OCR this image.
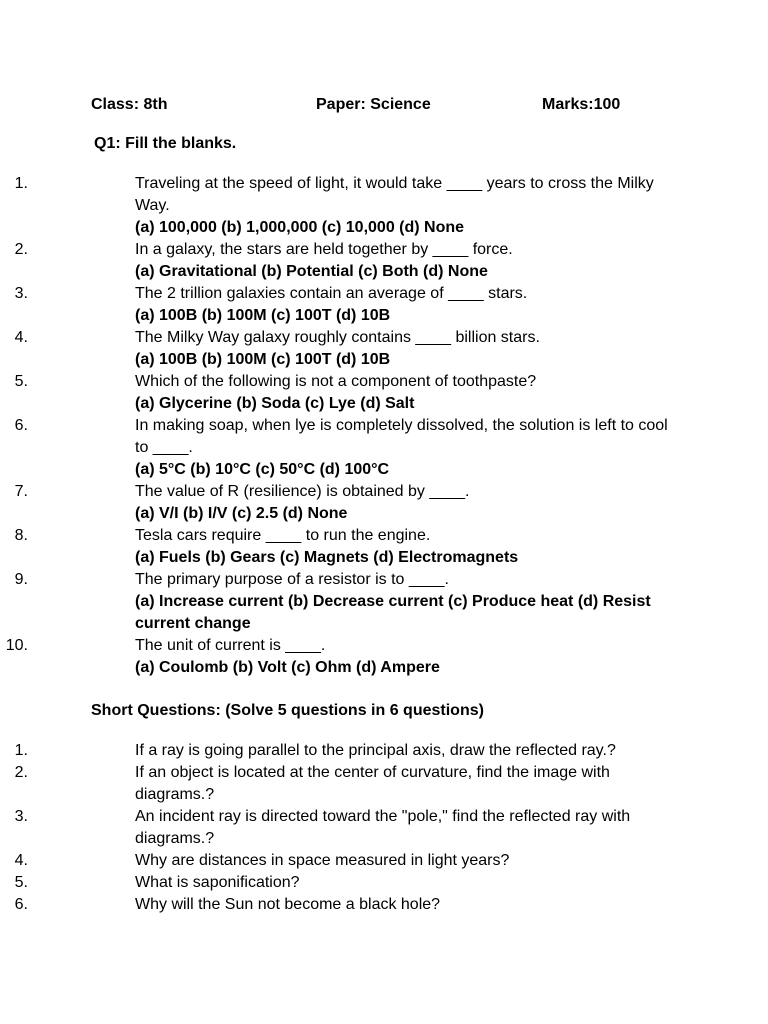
Class: 8th	Paper: Science	Marks:100
Q1: Fill the blanks.
1.	Traveling at the speed of light, it would take ____ years to cross the Milky Way.
(a) 100,000 (b) 1,000,000 (c) 10,000 (d) None
2.	In a galaxy, the stars are held together by ____ force.
(a) Gravitational (b) Potential (c) Both (d) None
3.	The 2 trillion galaxies contain an average of ____ stars.
(a) 100B (b) 100M (c) 100T (d) 10B
4.	The Milky Way galaxy roughly contains ____ billion stars.
(a) 100B (b) 100M (c) 100T (d) 10B
5.	Which of the following is not a component of toothpaste?
(a) Glycerine (b) Soda (c) Lye (d) Salt
6.	In making soap, when lye is completely dissolved, the solution is left to cool to ____.
(a) 5°C (b) 10°C (c) 50°C (d) 100°C
7.	The value of R (resilience) is obtained by ____.
(a) V/I (b) I/V (c) 2.5 (d) None
8.	Tesla cars require ____ to run the engine.
(a) Fuels (b) Gears (c) Magnets (d) Electromagnets
9.	The primary purpose of a resistor is to ____.
(a) Increase current (b) Decrease current (c) Produce heat (d) Resist current change
10.	The unit of current is ____.
(a) Coulomb (b) Volt (c) Ohm (d) Ampere
Short Questions: (Solve 5 questions in 6 questions)
1.	If a ray is going parallel to the principal axis, draw the reflected ray.?
2.	If an object is located at the center of curvature, find the image with diagrams.?
3.	An incident ray is directed toward the "pole," find the reflected ray with diagrams.?
4.	Why are distances in space measured in light years?
5.	What is saponification?
6.	Why will the Sun not become a black hole?
